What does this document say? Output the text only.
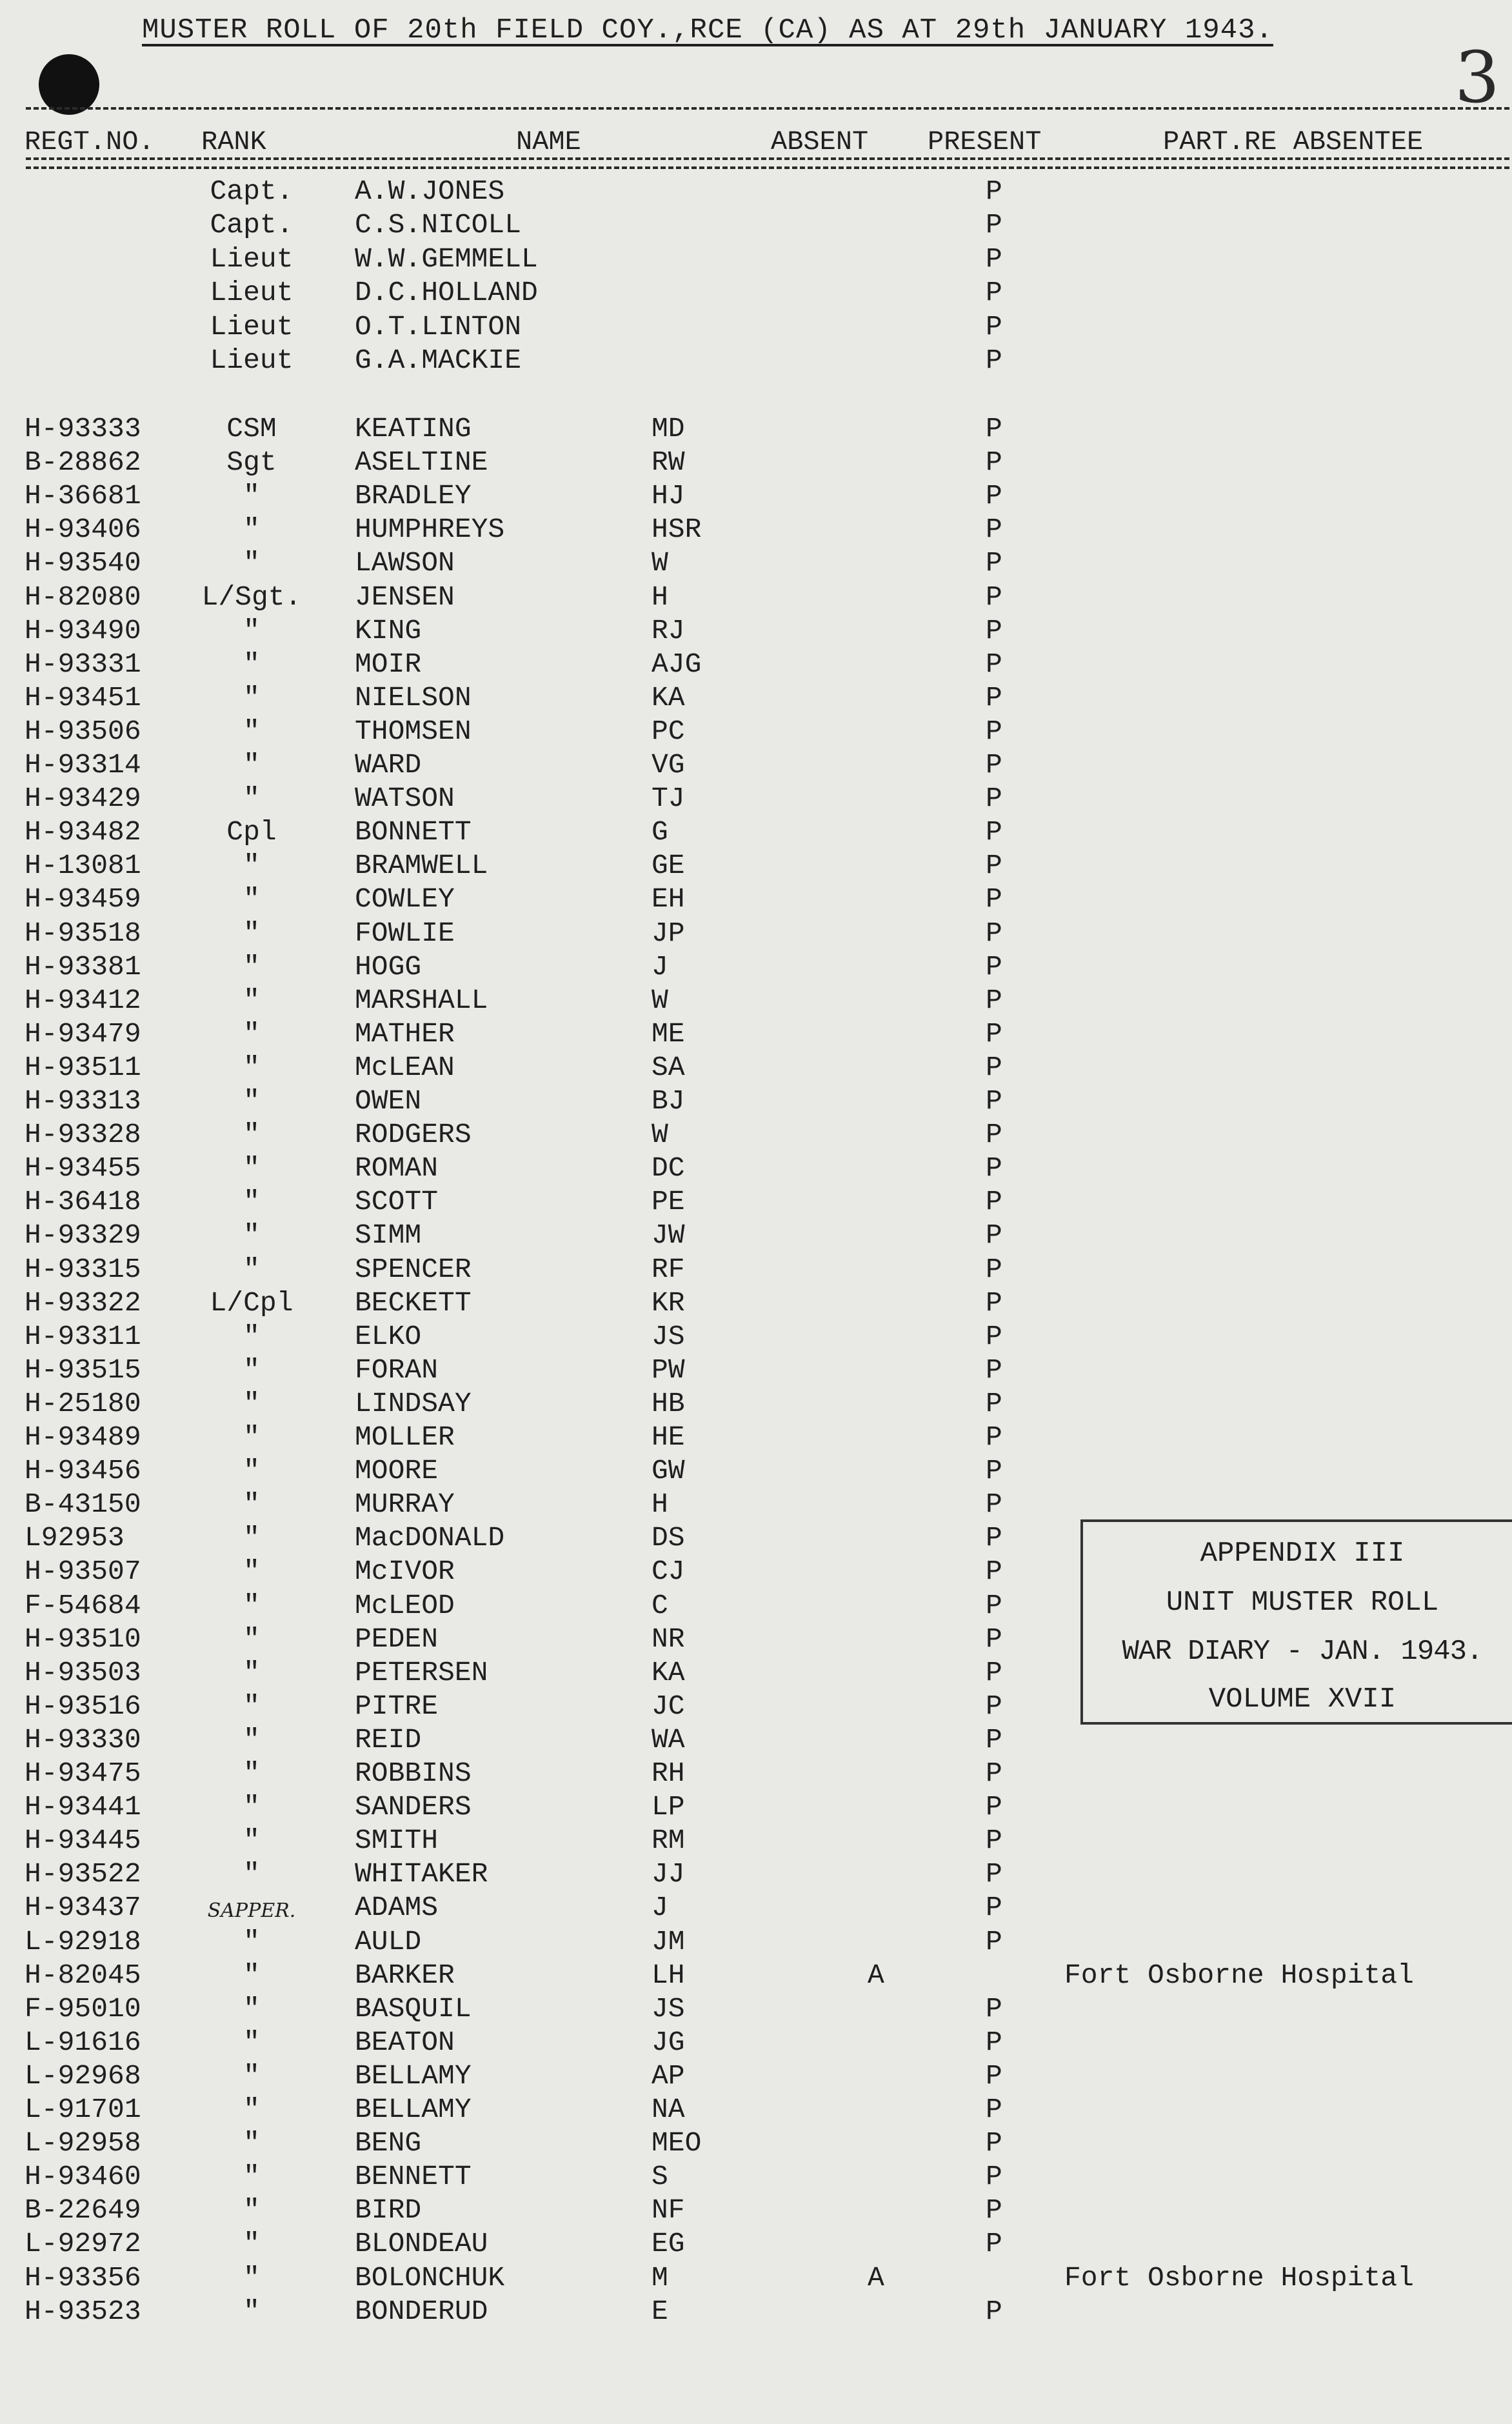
MUSTER ROLL OF 20th FIELD COY.,RCE (CA) AS AT 29th JANUARY 1943.
3
REGT.NO. RANK	NAME	ABSENT PRESENT	PART.RE ABSENTEE
Capt.	A.W.JONES	P
Capt.	C.S.NICOLL	P
Lieut	W.W.GEMMELL	P
Lieut	D.C.HOLLAND	P
Lieut	O.T.LINTON	P
Lieut	G.A.MACKIE	P
H-93333	CSM	KEATING	MD	P
B-28862	Sgt	ASELTINE	RW	P
H-36681	"	BRADLEY	HJ	P
H-93406	"	HUMPHREYS	HSR	P
H-93540	"	LAWSON	W	P
H-82080 L/Sgt. JENSEN	H	P
H-93490	"	KING	RJ	P
H-93331	"	MOIR	AJG	P
H-93451	"	NIELSON	KA	P
H-93506	"	THOMSEN	PC	P
H-93314	"	WARD	VG	P
H-93429	"	WATSON	TJ	P
H-93482	Cpl	BONNETT	G	P
H-13081	"	BRAMWELL	GE	P
H-93459	"	COWLEY	EH	P
H-93518	"	FOWLIE	JP	P
H-93381	"	HOGG	J	P
H-93412	"	MARSHALL	W	P
H-93479	"	MATHER	ME	P
H-93511	"	McLEAN	SA	P
H-93313	"	OWEN	BJ	P
H-93328	"	RODGERS	W	P
H-93455	"	ROMAN	DC	P
H-36418	"	SCOTT	PE	P
H-93329	"	SIMM	JW	P
H-93315	"	SPENCER	RF	P
H-93322	L/Cpl	BECKETT	KR	P
H-93311	"	ELKO	JS	P
H-93515	"	FORAN	PW	P
H-25180	"	LINDSAY	HB	P
H-93489	"	MOLLER	HE	P
H-93456	"	MOORE	GW	P
B-43150	"	MURRAY	H	P
L92953	"	MacDONALD	DS	P
H-93507	"	McIVOR	CJ	P
F-54684	"	McLEOD	C	P
H-93510	"	PEDEN	NR	P
H-93503	"	PETERSEN	KA	P
H-93516	"	PITRE	JC	P
H-93330	"	REID	WA	P
H-93475	"	ROBBINS	RH	P
H-93441	"	SANDERS	LP	P
H-93445	"	SMITH	RM	P
H-93522	"	WHITAKER	JJ	P
H-93437	SAPPER.	ADAMS	J	P
L-92918	"	AULD	JM	P
H-82045	"	BARKER	LH	A	Fort Osborne Hospital
F-95010	"	BASQUIL	JS	P
L-91616	"	BEATON	JG	P
L-92968	"	BELLAMY	AP	P
L-91701	"	BELLAMY	NA	P
L-92958	"	BENG	MEO	P
H-93460	"	BENNETT	S	P
B-22649	"	BIRD	NF	P
L-92972	"	BLONDEAU	EG	P
H-93356	"	BOLONCHUK	M	A	Fort Osborne Hospital
H-93523	"	BONDERUD	E	P
APPENDIX III
UNIT MUSTER ROLL
WAR DIARY - JAN. 1943.
VOLUME XVII
